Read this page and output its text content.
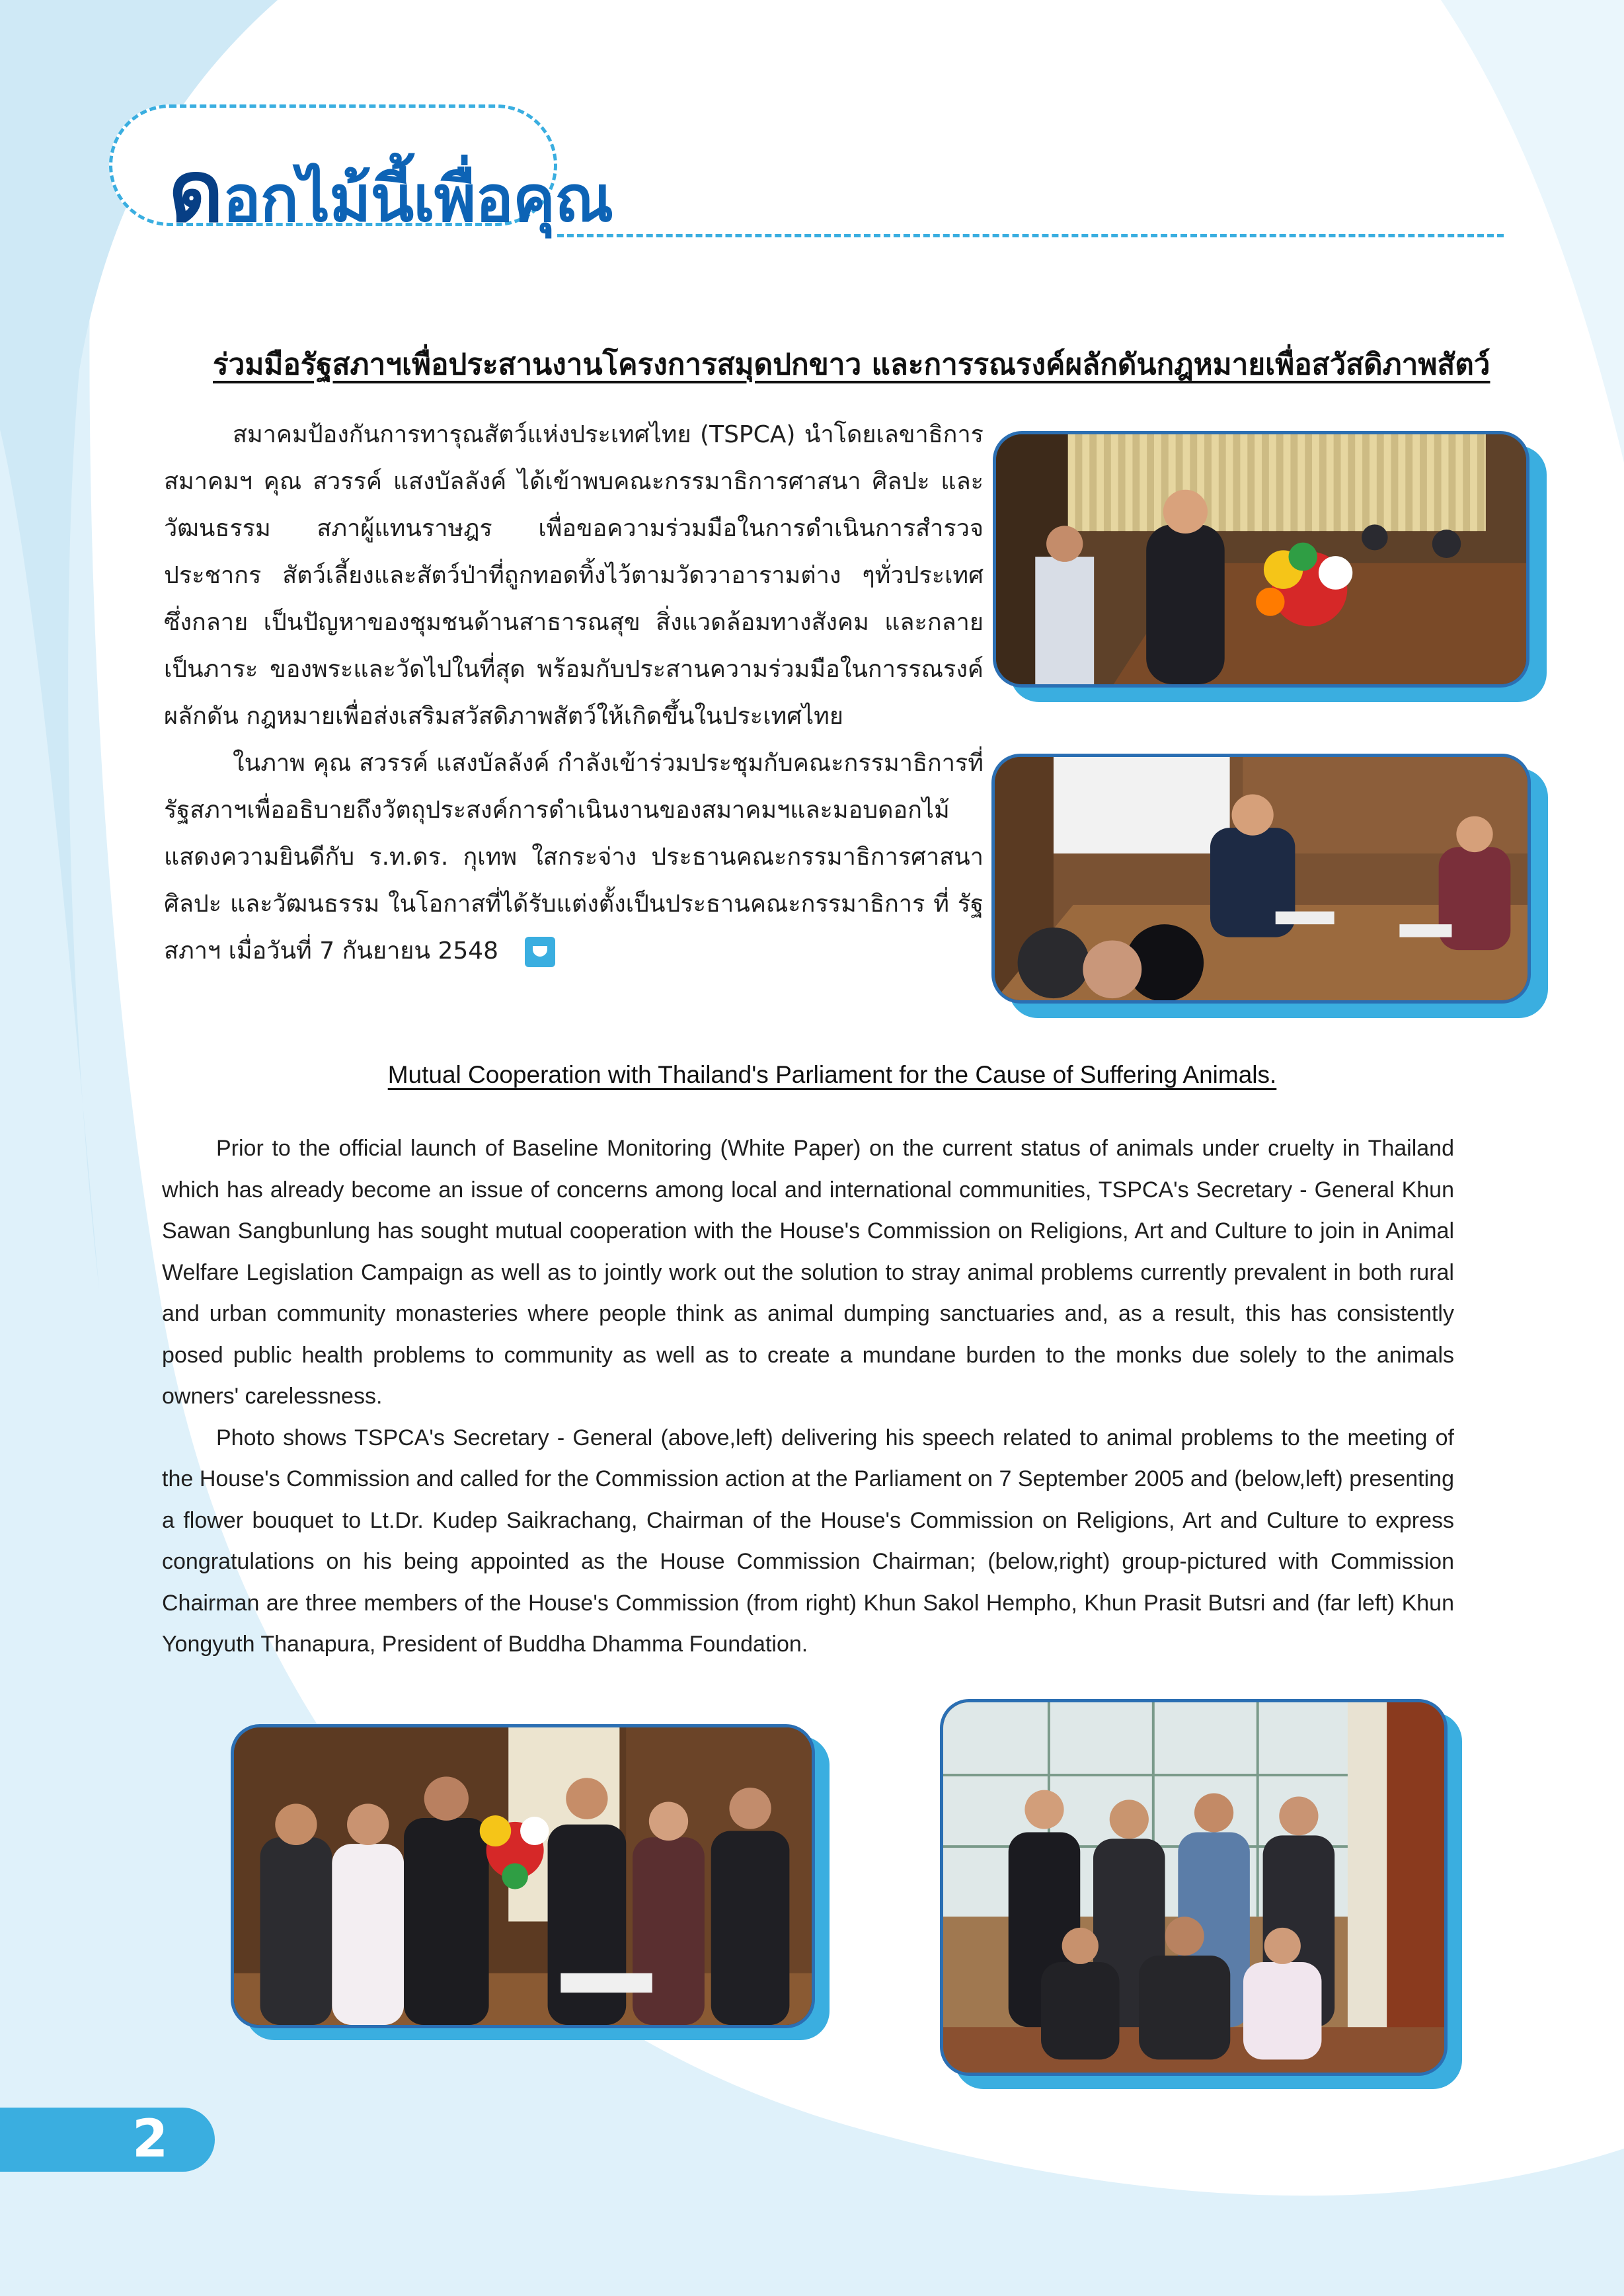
ดอกไม้นี้เพื่อคุณ
ร่วมมือรัฐสภาฯเพื่อประสานงานโครงการสมุดปกขาว และการรณรงค์ผลักดันกฎหมายเพื่อสวัสดิภาพสัตว์

สมาคมป้องกันการทารุณสัตว์แห่งประเทศไทย (TSPCA) นำโดยเลขาธิการ สมาคมฯ คุณ สวรรค์ แสงบัลลังค์ ได้เข้าพบคณะกรรมาธิการศาสนา ศิลปะ และ วัฒนธรรม สภาผู้แทนราษฎร เพื่อขอความร่วมมือในการดำเนินการสำรวจประชากร สัตว์เลี้ยงและสัตว์ป่าที่ถูกทอดทิ้งไว้ตามวัดวาอารามต่าง ๆทั่วประเทศ ซึ่งกลาย เป็นปัญหาของชุมชนด้านสาธารณสุข สิ่งแวดล้อมทางสังคม และกลายเป็นภาระ ของพระและวัดไปในที่สุด พร้อมกับประสานความร่วมมือในการรณรงค์ผลักดัน กฎหมายเพื่อส่งเสริมสวัสดิภาพสัตว์ให้เกิดขึ้นในประเทศไทย

ในภาพ คุณ สวรรค์ แสงบัลลังค์ กำลังเข้าร่วมประชุมกับคณะกรรมาธิการที่ รัฐสภาฯเพื่ออธิบายถึงวัตถุประสงค์การดำเนินงานของสมาคมฯและมอบดอกไม้ แสดงความยินดีกับ ร.ท.ดร. กุเทพ ใสกระจ่าง ประธานคณะกรรมาธิการศาสนา ศิลปะ และวัฒนธรรม ในโอกาสที่ได้รับแต่งตั้งเป็นประธานคณะกรรมาธิการ ที่ รัฐสภาฯ เมื่อวันที่ 7 กันยายน 2548

Mutual Cooperation with Thailand's Parliament for the Cause of Suffering Animals.

Prior to the official launch of Baseline Monitoring (White Paper) on the current status of animals under cruelty in Thailand which has already become an issue of concerns among local and international communities, TSPCA's Secretary - General Khun Sawan Sangbunlung has sought mutual cooperation with the House's Commission on Religions, Art and Culture to join in Animal Welfare Legislation Campaign as well as to jointly work out the solution to stray animal problems currently prevalent in both rural and urban community monasteries where people think as animal dumping sanctuaries and, as a result, this has consistently posed public health problems to community as well as to create a mundane burden to the monks due solely to the animals owners' carelessness.

Photo shows TSPCA's Secretary - General (above,left) delivering his speech related to animal problems to the meeting of the House's Commission and called for the Commission action at the Parliament on 7 September 2005 and (below,left) presenting a flower bouquet to Lt.Dr. Kudep Saikrachang, Chairman of the House's Commission on Religions, Art and Culture to express congratulations on his being appointed as the House Commission Chairman; (below,right) group-pictured with Commission Chairman are three members of the House's Commission (from right) Khun Sakol Hempho, Khun Prasit Butsri and (far left) Khun Yongyuth Thanapura, President of Buddha Dhamma Foundation.

2
